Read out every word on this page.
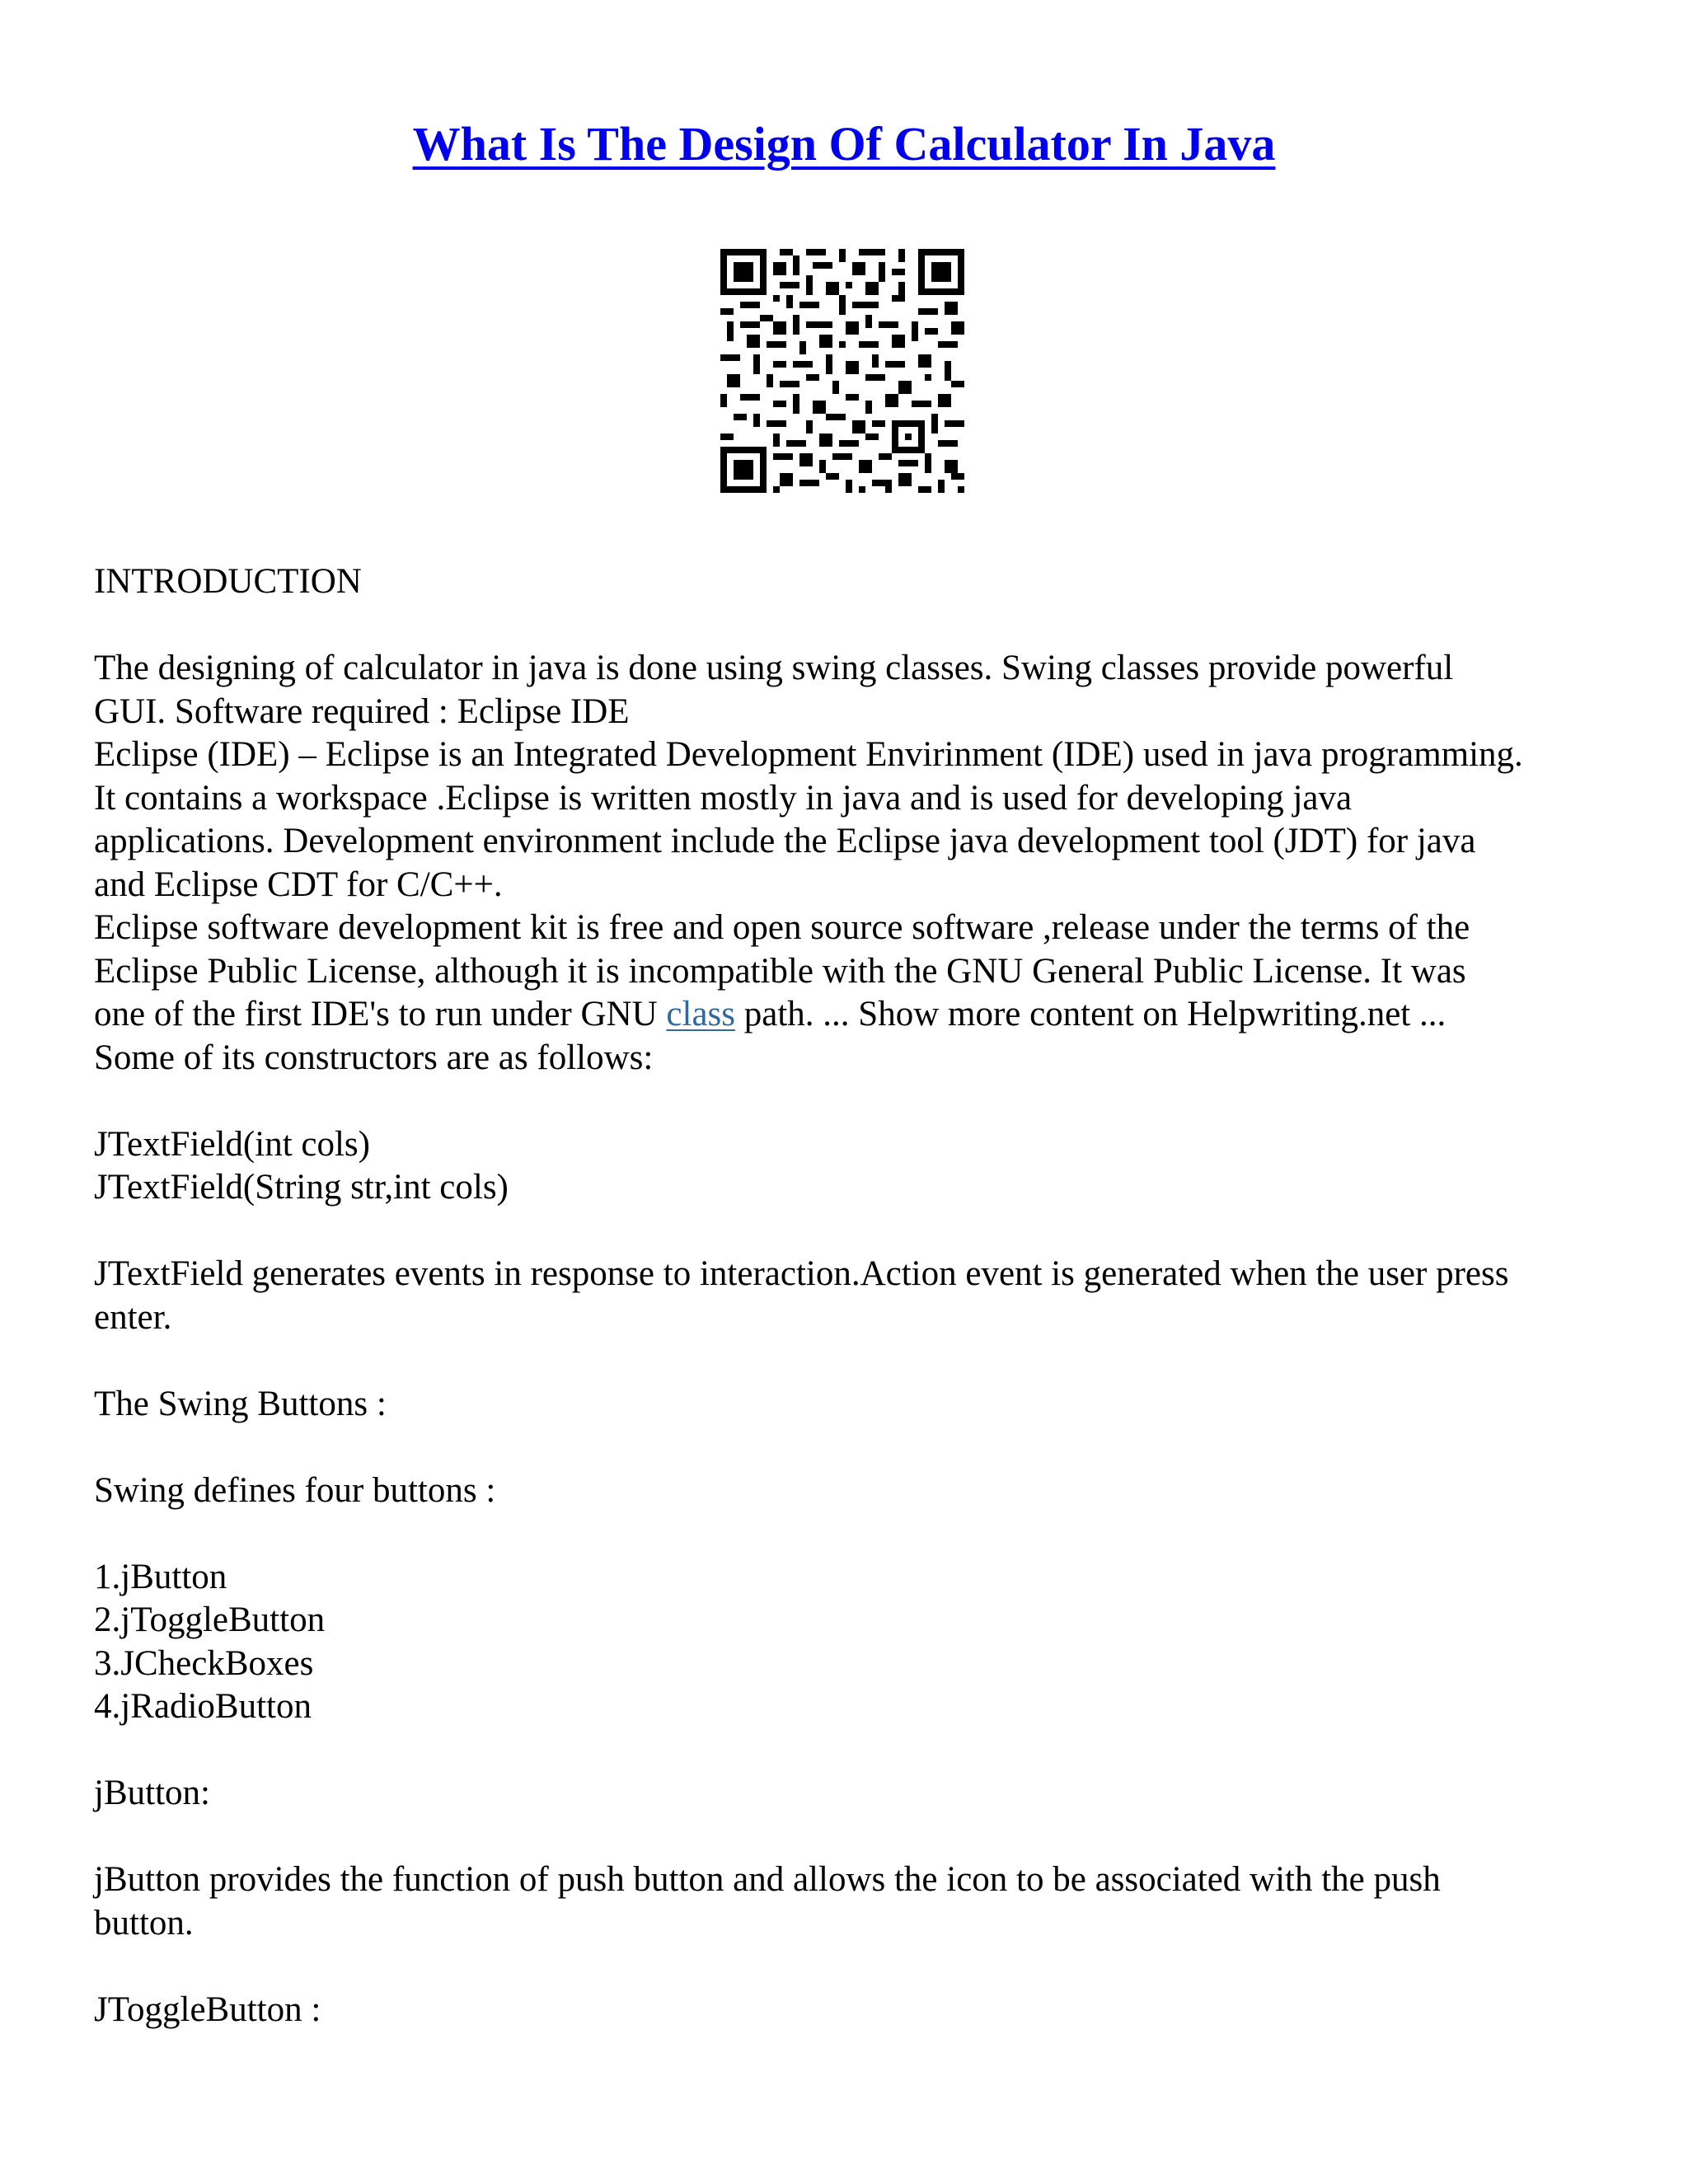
What Is The Design Of Calculator In Java

INTRODUCTION

The designing of calculator in java is done using swing classes. Swing classes provide powerful

GUI. Software required : Eclipse IDE

Eclipse (IDE) – Eclipse is an Integrated Development Envirinment (IDE) used in java programming.

It contains a workspace .Eclipse is written mostly in java and is used for developing java

applications. Development environment include the Eclipse java development tool (JDT) for java

and Eclipse CDT for C/C++.

Eclipse software development kit is free and open source software ,release under the terms of the

Eclipse Public License, although it is incompatible with the GNU General Public License. It was

one of the first IDE's to run under GNU class path. ... Show more content on Helpwriting.net ...

Some of its constructors are as follows:

JTextField(int cols)

JTextField(String str,int cols)

JTextField generates events in response to interaction.Action event is generated when the user press

enter.

The Swing Buttons :

Swing defines four buttons :

1.jButton

2.jToggleButton

3.JCheckBoxes

4.jRadioButton

jButton:

jButton provides the function of push button and allows the icon to be associated with the push

button.

JToggleButton :
